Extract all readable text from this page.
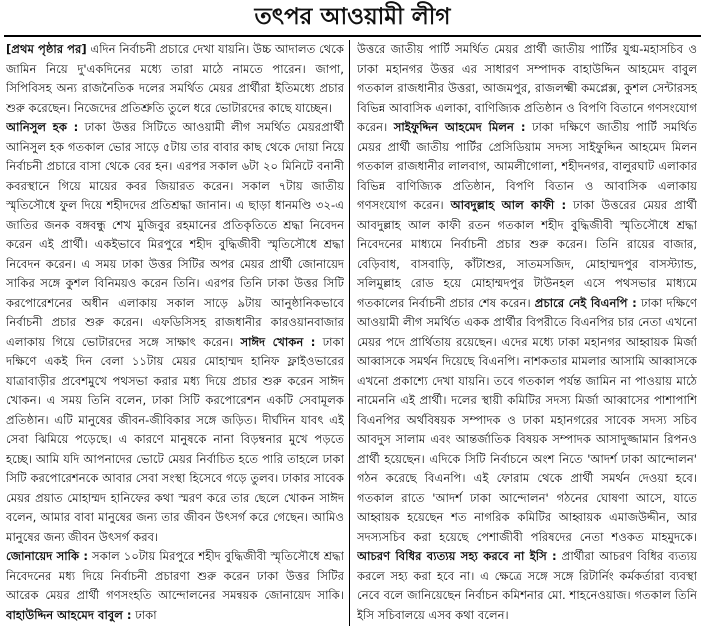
তৎপর আওয়ামী লীগ

[প্রথম পৃষ্ঠার পর] এদিন নির্বাচনী প্রচারে দেখা যায়নি। উচ্চ আদালত থেকে জামিন নিয়ে দু'একদিনের মধ্যে তারা মাঠে নামতে পারেন। জাপা, সিপিবিসহ অন্য রাজনৈতিক দলের সমর্থিত মেয়র প্রার্থীরা ইতিমধ্যে প্রচার শুরু করেছেন। নিজেদের প্রতিশ্রুতি তুলে ধরে ভোটারদের কাছে যাচ্ছেন।

আনিসুল হক : ঢাকা উত্তর সিটিতে আওয়ামী লীগ সমর্থিত মেয়রপ্রার্থী আনিসুল হক গতকাল ভোর সাড়ে ৫টায় তার বাবার কাছ থেকে দোয়া নিয়ে নির্বাচনী প্রচারে বাসা থেকে বের হন। এরপর সকাল ৬টা ২০ মিনিটে বনানী কবরস্থানে গিয়ে মায়ের কবর জিয়ারত করেন। সকাল ৭টায় জাতীয় স্মৃতিসৌধে ফুল দিয়ে শহীদদের প্রতিশ্রদ্ধা জানান। এ ছাড়া ধানমণ্ডি ৩২-এ জাতির জনক বঙ্গবন্ধু শেখ মুজিবুর রহমানের প্রতিকৃতিতে শ্রদ্ধা নিবেদন করেন এই প্রার্থী। একইভাবে মিরপুরে শহীদ বুদ্ধিজীবী স্মৃতিসৌধে শ্রদ্ধা নিবেদন করেন। এ সময় ঢাকা উত্তর সিটির অপর মেয়র প্রার্থী জোনায়েদ সাকির সঙ্গে কুশল বিনিময়ও করেন তিনি। এরপর তিনি ঢাকা উত্তর সিটি করপোরেশনের অধীন এলাকায় সকাল সাড়ে ৯টায় আনুষ্ঠানিকভাবে নির্বাচনী প্রচার শুরু করেন। এফডিসিসহ রাজধানীর কারওয়ানবাজার এলাকায় গিয়ে ভোটারদের সঙ্গে সাক্ষাৎ করেন। সাঈদ খোকন : ঢাকা দক্ষিণে একই দিন বেলা ১১টায় মেয়র মোহাম্মদ হানিফ ফ্লাইওভারের যাত্রাবাড়ীর প্রবেশমুখে পথসভা করার মধ্য দিয়ে প্রচার শুরু করেন সাঈদ খোকন। এ সময় তিনি বলেন, ঢাকা সিটি করপোরেশন একটি সেবামূলক প্রতিষ্ঠান। এটি মানুষের জীবন-জীবিকার সঙ্গে জড়িত। দীর্ঘদিন যাবৎ এই সেবা ঝিমিয়ে পড়েছে। এ কারণে মানুষকে নানা বিড়ম্বনার মুখে পড়তে হচ্ছে। আমি যদি আপনাদের ভোটে মেয়র নির্বাচিত হতে পারি তাহলে ঢাকা সিটি করপোরেশনকে আবার সেবা সংস্থা হিসেবে গড়ে তুলব। ঢাকার সাবেক মেয়র প্রয়াত মোহাম্মদ হানিফের কথা স্মরণ করে তার ছেলে খোকন সাঈদ বলেন, আমার বাবা মানুষের জন্য তার জীবন উৎসর্গ করে গেছেন। আমিও মানুষের জন্য জীবন উৎসর্গ করব।

জোনায়েদ সাকি : সকাল ১০টায় মিরপুরে শহীদ বুদ্ধিজীবী স্মৃতিসৌধে শ্রদ্ধা নিবেদনের মধ্য দিয়ে নির্বাচনী প্রচারণা শুরু করেন ঢাকা উত্তর সিটির আরেক মেয়র প্রার্থী গণসংহতি আন্দোলনের সমন্বয়ক জোনায়েদ সাকি। বাহাউদ্দিন আহমেদ বাবুল : ঢাকা

উত্তরে জাতীয় পার্টি সমর্থিত মেয়র প্রার্থী জাতীয় পার্টির যুগ্ম-মহাসচিব ও ঢাকা মহানগর উত্তর এর সাধারণ সম্পাদক বাহাউদ্দিন আহমেদ বাবুল গতকাল রাজধানীর উত্তরা, আজমপুর, রাজলক্ষ্মী কমপ্লেক্স, কুশল সেন্টারসহ বিভিন্ন আবাসিক এলাকা, বাণিজ্যিক প্রতিষ্ঠান ও বিপণি বিতানে গণসংযোগ করেন। সাইফুদ্দিন আহমেদ মিলন : ঢাকা দক্ষিণে জাতীয় পার্টি সমর্থিত মেয়র প্রার্থী জাতীয় পার্টির প্রেসিডিয়াম সদস্য সাইফুদ্দিন আহমেদ মিলন গতকাল রাজধানীর লালবাগ, আমলীগোলা, শহীদনগর, বালুরঘাট এলাকার বিভিন্ন বাণিজ্যিক প্রতিষ্ঠান, বিপণি বিতান ও আবাসিক এলাকায় গণসংযোগ করেন। আবদুল্লাহ আল কাফী : ঢাকা উত্তরের মেয়র প্রার্থী আবদুল্লাহ আল কাফী রতন গতকাল শহীদ বুদ্ধিজীবী স্মৃতিসৌধে শ্রদ্ধা নিবেদনের মাধ্যমে নির্বাচনী প্রচার শুরু করেন। তিনি রায়ের বাজার, বেড়িবাধ, বাসবাড়ি, কাঁটাশুর, সাতমসজিদ, মোহাম্মদপুর বাসস্ট্যান্ড, সলিমুল্লাহ রোড হয়ে মোহাম্মদপুর টাউনহল এসে পথসভার মাধ্যমে গতকালের নির্বাচনী প্রচার শেষ করেন। প্রচারে নেই বিএনপি : ঢাকা দক্ষিণে আওয়ামী লীগ সমর্থিত একক প্রার্থীর বিপরীতে বিএনপির চার নেতা এখনো মেয়র পদে প্রার্থিতায় রয়েছেন। এদের মধ্যে ঢাকা মহানগর আহ্বায়ক মির্জা আব্বাসকে সমর্থন দিয়েছে বিএনপি। নাশকতার মামলার আসামি আব্বাসকে এখনো প্রকাশ্যে দেখা যায়নি। তবে গতকাল পর্যন্ত জামিন না পাওয়ায় মাঠে নামেননি এই প্রার্থী। দলের স্থায়ী কমিটির সদস্য মির্জা আব্বাসের পাশাপাশি বিএনপির অর্থবিষয়ক সম্পাদক ও ঢাকা মহানগরের সাবেক সদস্য সচিব আবদুস সালাম এবং আন্তর্জাতিক বিষয়ক সম্পাদক আসাদুজ্জামান রিপনও প্রার্থী হয়েছেন। এদিকে সিটি নির্বাচনে অংশ নিতে 'আদর্শ ঢাকা আন্দোলন' গঠন করেছে বিএনপি। এই ফোরাম থেকে প্রার্থী সমর্থন দেওয়া হবে। গতকাল রাতে 'আদর্শ ঢাকা আন্দোলন' গঠনের ঘোষণা আসে, যাতে আহ্বায়ক হয়েছেন শত নাগরিক কমিটির আহ্বায়ক এমাজউদ্দীন, আর সদস্যসচিব করা হয়েছে পেশাজীবী পরিষদের নেতা শওকত মাহমুদকে। আচরণ বিধির ব্যত্যয় সহ্য করবে না ইসি : প্রার্থীরা আচরণ বিধির ব্যত্যয় করলে সহ্য করা হবে না। এ ক্ষেত্রে সঙ্গে সঙ্গে রিটার্নিং কর্মকর্তারা ব্যবস্থা নেবে বলে জানিয়েছেন নির্বাচন কমিশনার মো. শাহনেওয়াজ। গতকাল তিনি ইসি সচিবালয়ে এসব কথা বলেন।
